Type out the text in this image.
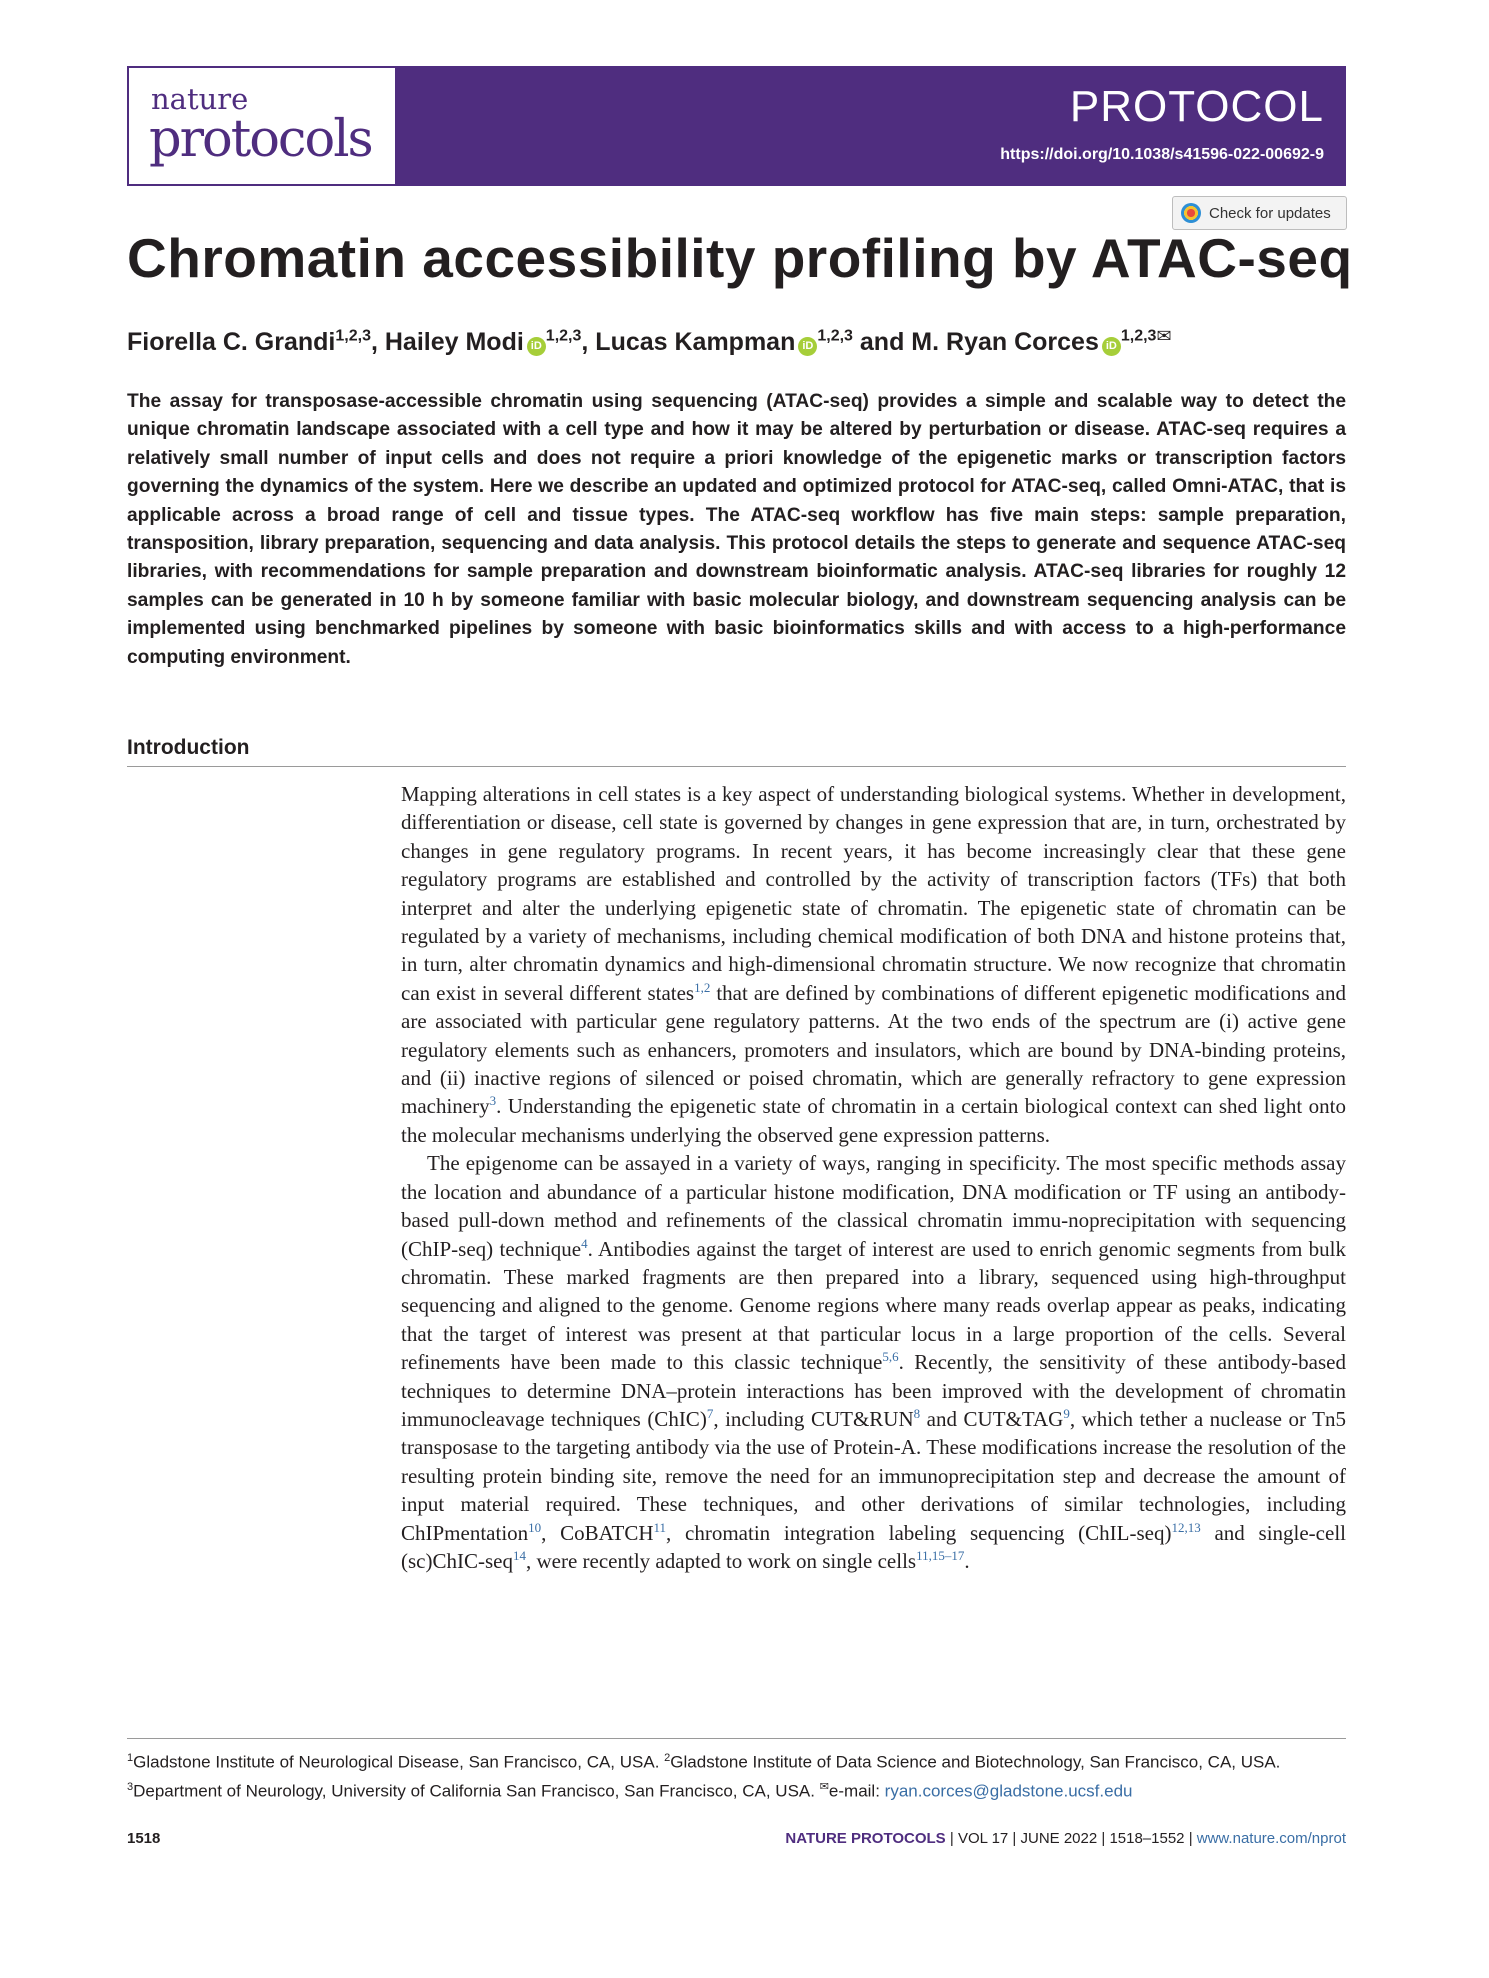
nature
protocols
PROTOCOL
https://doi.org/10.1038/s41596-022-00692-9
Check for updates
Chromatin accessibility profiling by ATAC-seq
Fiorella C. Grandi$^{1,2,3}$, Hailey Modi iD$^{1,2,3}$, Lucas Kampman iD$^{1,2,3}$ and M. Ryan Corces $iD^{1,2,3✉}$
The assay for transposase-accessible chromatin using sequencing (ATAC-seq) provides a simple and scalable way to detect the unique chromatin landscape associated with a cell type and how it may be altered by perturbation or disease. ATAC-seq requires a relatively small number of input cells and does not require a priori knowledge of the epigenetic marks or transcription factors governing the dynamics of the system. Here we describe an updated and optimized protocol for ATAC-seq, called Omni-ATAC, that is applicable across a broad range of cell and tissue types. The ATAC-seq workflow has five main steps: sample preparation, transposition, library preparation, sequencing and data analysis. This protocol details the steps to generate and sequence ATAC-seq libraries, with recommendations for sample preparation and downstream bioinformatic analysis. ATAC-seq libraries for roughly 12 samples can be generated in 10 h by someone familiar with basic molecular biology, and downstream sequencing analysis can be implemented using benchmarked pipelines by someone with basic bioinformatics skills and with access to a high-performance computing environment.
Introduction

Mapping alterations in cell states is a key aspect of understanding biological systems. Whether in development, differentiation or disease, cell state is governed by changes in gene expression that are, in turn, orchestrated by changes in gene regulatory programs. In recent years, it has become increasingly clear that these gene regulatory programs are established and controlled by the activity of transcription factors (TFs) that both interpret and alter the underlying epigenetic state of chromatin. The epigenetic state of chromatin can be regulated by a variety of mechanisms, including chemical modification of both DNA and histone proteins that, in turn, alter chromatin dynamics and high-dimensional chromatin structure. We now recognize that chromatin can exist in several different states$^{1,2}$ that are defined by combinations of different epigenetic modifications and are associated with particular gene regulatory patterns. At the two ends of the spectrum are (i) active gene regulatory elements such as enhancers, promoters and insulators, which are bound by DNA-binding proteins, and (ii) inactive regions of silenced or poised chromatin, which are generally refractory to gene expression machinery$^3$. Understanding the epigenetic state of chromatin in a certain biological context can shed light onto the molecular mechanisms underlying the observed gene expression patterns.

The epigenome can be assayed in a variety of ways, ranging in specificity. The most specific methods assay the location and abundance of a particular histone modification, DNA modification or TF using an antibody-based pull-down method and refinements of the classical chromatin immu-noprecipitation with sequencing (ChIP-seq) technique$^4$. Antibodies against the target of interest are used to enrich genomic segments from bulk chromatin. These marked fragments are then prepared into a library, sequenced using high-throughput sequencing and aligned to the genome. Genome regions where many reads overlap appear as peaks, indicating that the target of interest was present at that particular locus in a large proportion of the cells. Several refinements have been made to this classic technique$^{5,6}$. Recently, the sensitivity of these antibody-based techniques to determine DNA–protein interactions has been improved with the development of chromatin immunocleavage techniques (ChIC)$^7$, including CUT&RUN$^8$ and CUT&TAG$^9$, which tether a nuclease or Tn5 transposase to the targeting antibody via the use of Protein-A. These modifications increase the resolution of the resulting protein binding site, remove the need for an immunoprecipitation step and decrease the amount of input material required. These techniques, and other derivations of similar technologies, including ChIPmentation$^{10}$, CoBATCH$^{11}$, chromatin integration labeling sequencing (ChIL-seq)$^{12,13}$ and single-cell (sc)ChIC-seq$^{14}$, were recently adapted to work on single cells$^{11,15-17}$.

$^1$Gladstone Institute of Neurological Disease, San Francisco, CA, USA. $^2$Gladstone Institute of Data Science and Biotechnology, San Francisco, CA, USA.
$^3$Department of Neurology, University of California San Francisco, San Francisco, CA, USA. ✉e-mail: ryan.corces@gladstone.ucsf.edu
1518	NATURE PROTOCOLS | VOL 17 | JUNE 2022 | 1518–1552 | www.nature.com/nprot
